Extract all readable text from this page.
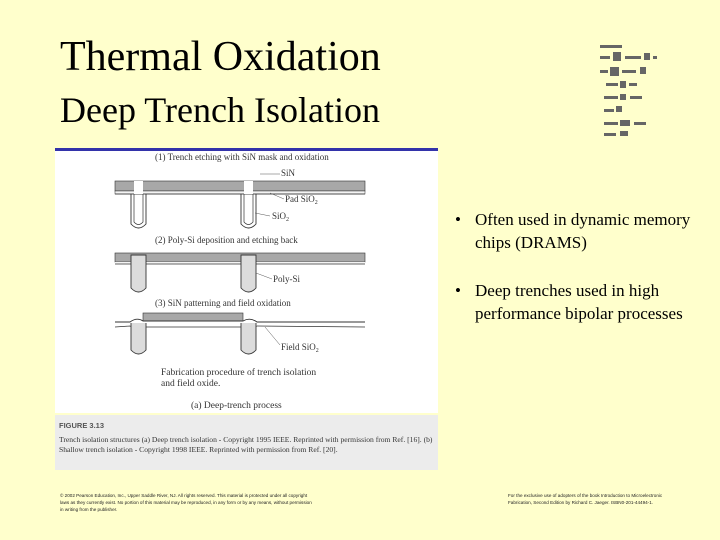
Thermal Oxidation
Deep Trench Isolation
(1) Trench etching with SiN mask and oxidation
SiN
Pad SiO$_2$
SiO$_2$
(2) Poly-Si deposition and etching back
Poly-Si
(3) SiN patterning and field oxidation
Field SiO$_2$
Fabrication procedure of trench isolation
and field oxide.
(a) Deep-trench process
FIGURE 3.13
Trench isolation structures (a) Deep trench isolation - Copyright 1995 IEEE. Reprinted with permission from Ref. [16]. (b) Shallow trench isolation - Copyright 1998 IEEE. Reprinted with permission from Ref. [20].
• Often used in dynamic memory chips (DRAMS)
• Deep trenches used in high performance bipolar processes
© 2002 Pearson Education, Inc., Upper Saddle River, NJ. All rights reserved. This material is protected under all copyright laws as they currently exist. No portion of this material may be reproduced, in any form or by any means, without permission in writing from the publisher.
For the exclusive use of adopters of the book Introduction to Microelectronic Fabrication, Second Edition by Richard C. Jaeger. ISBN0-201-44494-1.
